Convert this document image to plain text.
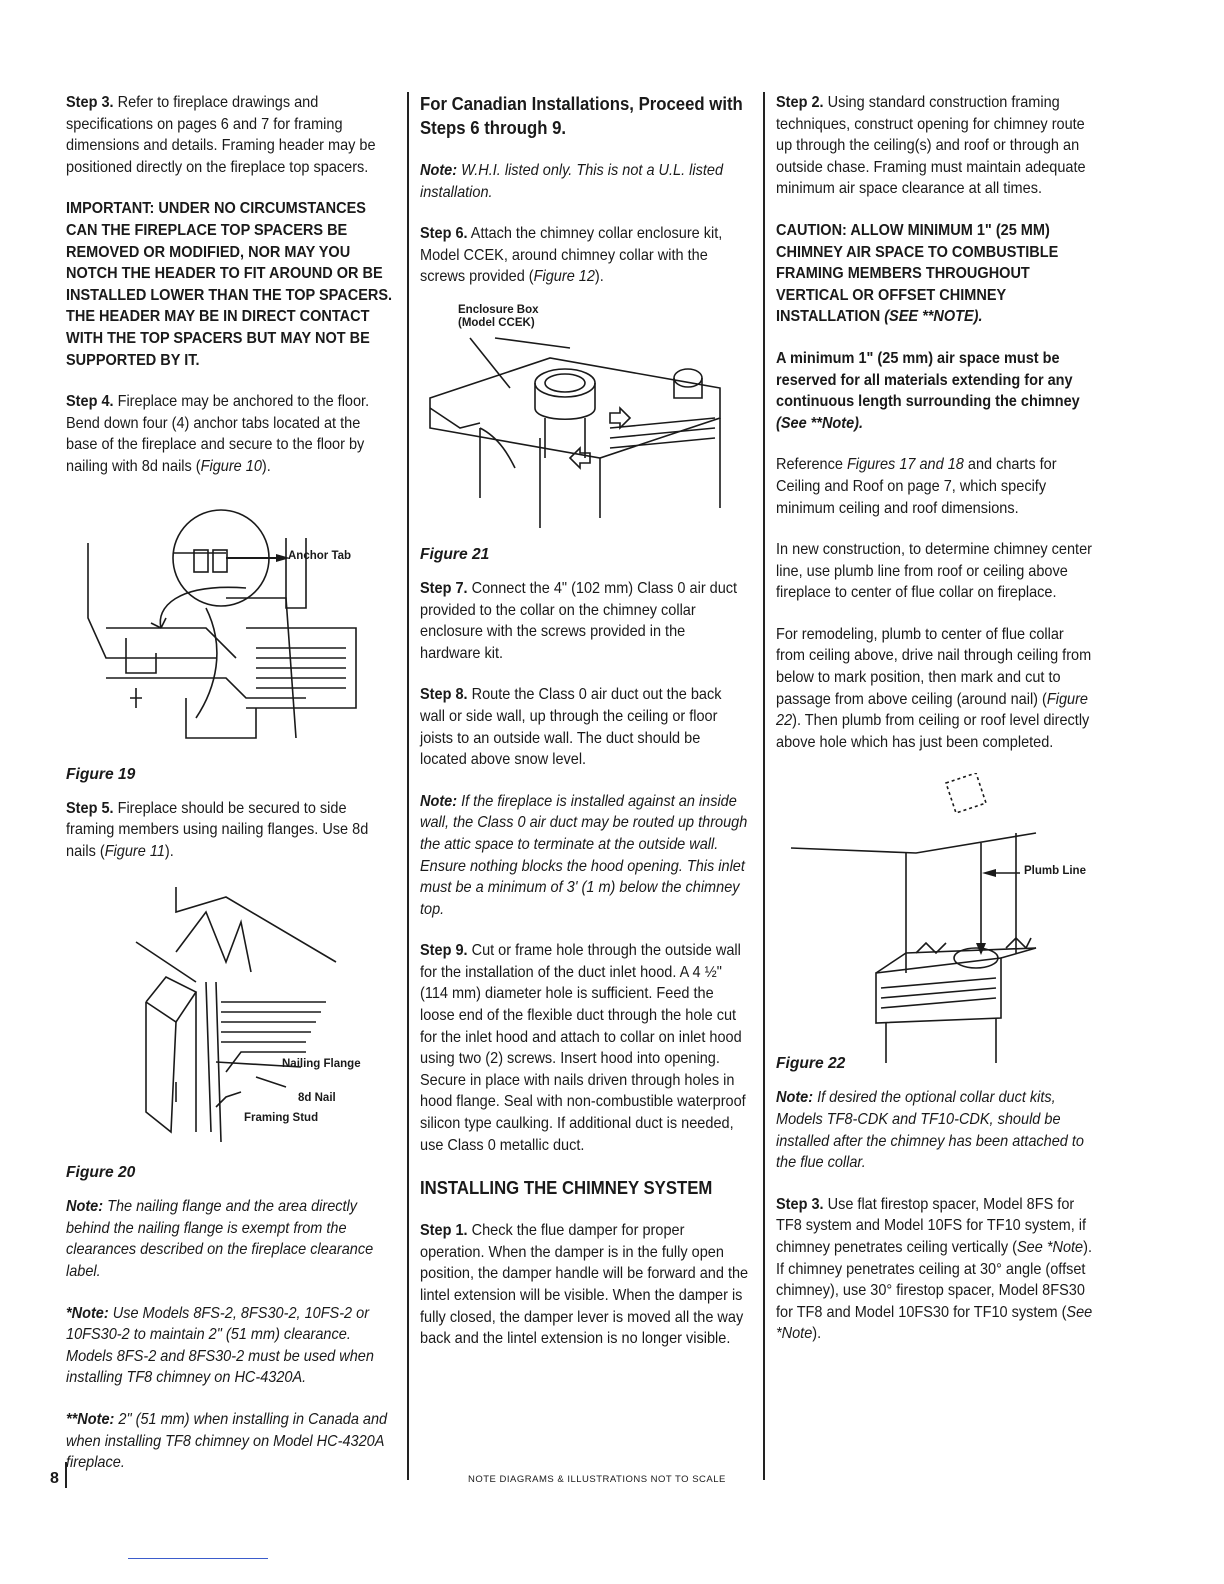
Step 3. Refer to fireplace drawings and specifications on pages 6 and 7 for framing dimensions and details. Framing header may be positioned directly on the fireplace top spacers.

IMPORTANT: UNDER NO CIRCUMSTANCES CAN THE FIREPLACE TOP SPACERS BE REMOVED OR MODIFIED, NOR MAY YOU NOTCH THE HEADER TO FIT AROUND OR BE INSTALLED LOWER THAN THE TOP SPACERS. THE HEADER MAY BE IN DIRECT CONTACT WITH THE TOP SPACERS BUT MAY NOT BE SUPPORTED BY IT.

Step 4. Fireplace may be anchored to the floor. Bend down four (4) anchor tabs located at the base of the fireplace and secure to the floor by nailing with 8d nails (Figure 10).

Anchor Tab
Figure 19

Step 5. Fireplace should be secured to side framing members using nailing flanges. Use 8d nails (Figure 11).

Nailing Flange
8d Nail
Framing Stud
Figure 20

Note: The nailing flange and the area directly behind the nailing flange is exempt from the clearances described on the fireplace clearance label.

*Note: Use Models 8FS-2, 8FS30-2, 10FS-2 or 10FS30-2 to maintain 2" (51 mm) clearance. Models 8FS-2 and 8FS30-2 must be used when installing TF8 chimney on HC-4320A.

**Note: 2" (51 mm) when installing in Canada and when installing TF8 chimney on Model HC-4320A fireplace.

For Canadian Installations, Proceed with Steps 6 through 9.

Note: W.H.I. listed only. This is not a U.L. listed installation.

Step 6. Attach the chimney collar enclosure kit, Model CCEK, around chimney collar with the screws provided (Figure 12).

Enclosure Box
(Model CCEK)
Figure 21

Step 7. Connect the 4" (102 mm) Class 0 air duct provided to the collar on the chimney collar enclosure with the screws provided in the hardware kit.

Step 8. Route the Class 0 air duct out the back wall or side wall, up through the ceiling or floor joists to an outside wall. The duct should be located above snow level.

Note: If the fireplace is installed against an inside wall, the Class 0 air duct may be routed up through the attic space to terminate at the outside wall. Ensure nothing blocks the hood opening. This inlet must be a minimum of 3' (1 m) below the chimney top.

Step 9. Cut or frame hole through the outside wall for the installation of the duct inlet hood. A 4 ½" (114 mm) diameter hole is sufficient. Feed the loose end of the flexible duct through the hole cut for the inlet hood and attach to collar on inlet hood using two (2) screws. Insert hood into opening. Secure in place with nails driven through holes in hood flange. Seal with non-combustible waterproof silicon type caulking. If additional duct is needed, use Class 0 metallic duct.

INSTALLING THE CHIMNEY SYSTEM

Step 1. Check the flue damper for proper operation. When the damper is in the fully open position, the damper handle will be forward and the lintel extension will be visible. When the damper is fully closed, the damper lever is moved all the way back and the lintel extension is no longer visible.

Step 2. Using standard construction framing techniques, construct opening for chimney route up through the ceiling(s) and roof or through an outside chase. Framing must maintain adequate minimum air space clearance at all times.

CAUTION: ALLOW MINIMUM 1" (25 MM) CHIMNEY AIR SPACE TO COMBUSTIBLE FRAMING MEMBERS THROUGHOUT VERTICAL OR OFFSET CHIMNEY INSTALLATION (SEE **NOTE).
A minimum 1" (25 mm) air space must be reserved for all materials extending for any continuous length surrounding the chimney (See **Note).

Reference Figures 17 and 18 and charts for Ceiling and Roof on page 7, which specify minimum ceiling and roof dimensions.

In new construction, to determine chimney center line, use plumb line from roof or ceiling above fireplace to center of flue collar on fireplace.

For remodeling, plumb to center of flue collar from ceiling above, drive nail through ceiling from below to mark position, then mark and cut to passage from above ceiling (around nail) (Figure 22). Then plumb from ceiling or roof level directly above hole which has just been completed.

Plumb Line
Figure 22

Note: If desired the optional collar duct kits, Models TF8-CDK and TF10-CDK, should be installed after the chimney has been attached to the flue collar.

Step 3. Use flat firestop spacer, Model 8FS for TF8 system and Model 10FS for TF10 system, if chimney penetrates ceiling vertically (See *Note). If chimney penetrates ceiling at 30° angle (offset chimney), use 30° firestop spacer, Model 8FS30 for TF8 and Model 10FS30 for TF10 system (See *Note).

8	NOTE DIAGRAMS & ILLUSTRATIONS NOT TO SCALE
